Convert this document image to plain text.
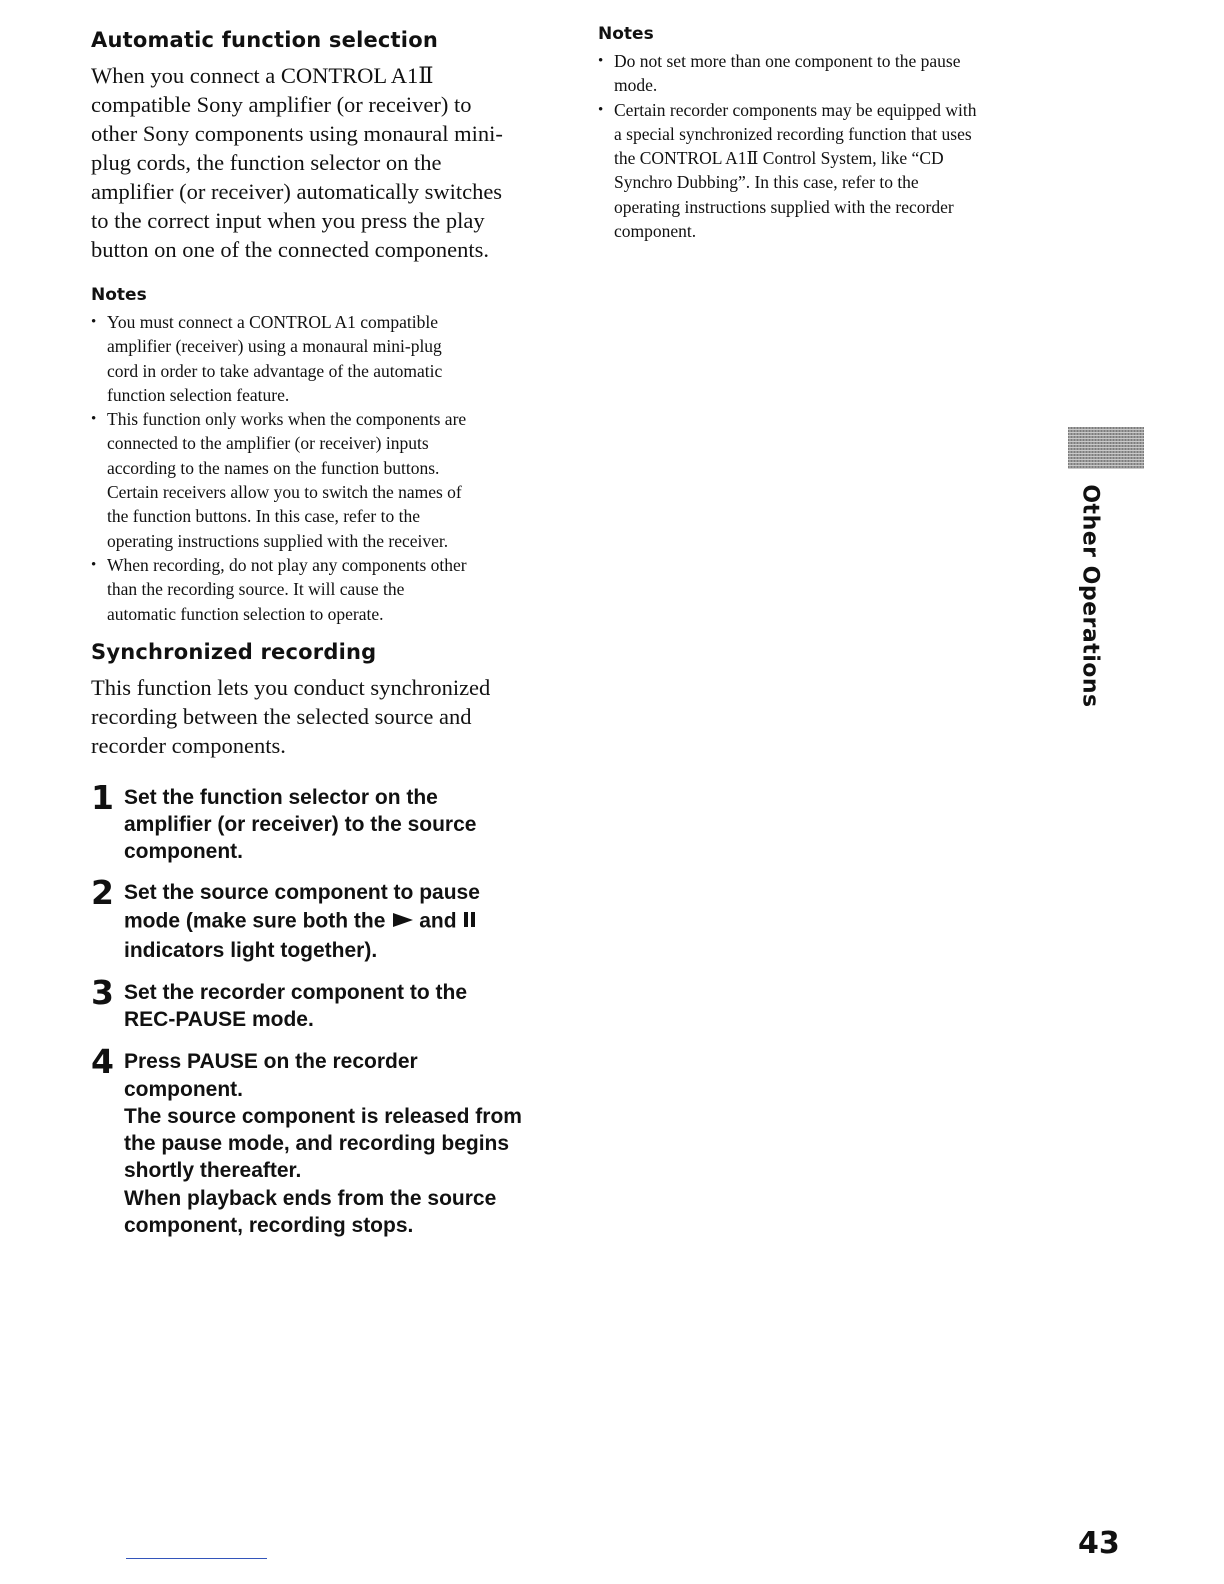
Automatic function selection

When you connect a CONTROL A1Ⅱ
compatible Sony amplifier (or receiver) to
other Sony components using monaural mini-
plug cords, the function selector on the
amplifier (or receiver) automatically switches
to the correct input when you press the play
button on one of the connected components.

Notes
• You must connect a CONTROL A1 compatible
amplifier (receiver) using a monaural mini-plug
cord in order to take advantage of the automatic
function selection feature.
• This function only works when the components are
connected to the amplifier (or receiver) inputs
according to the names on the function buttons.
Certain receivers allow you to switch the names of
the function buttons. In this case, refer to the
operating instructions supplied with the receiver.
• When recording, do not play any components other
than the recording source. It will cause the
automatic function selection to operate.
Synchronized recording

This function lets you conduct synchronized
recording between the selected source and
recorder components.

1 Set the function selector on the
amplifier (or receiver) to the source
component.
2 Set the source component to pause
mode (make sure both the and
indicators light together).
3 Set the recorder component to the
REC-PAUSE mode.
4 Press PAUSE on the recorder
component.
The source component is released from
the pause mode, and recording begins
shortly thereafter.
When playback ends from the source
component, recording stops.
Notes
• Do not set more than one component to the pause
mode.
• Certain recorder components may be equipped with
a special synchronized recording function that uses
the CONTROL A1Ⅱ Control System, like “CD
Synchro Dubbing”. In this case, refer to the
operating instructions supplied with the recorder
component.
Other Operations
43
